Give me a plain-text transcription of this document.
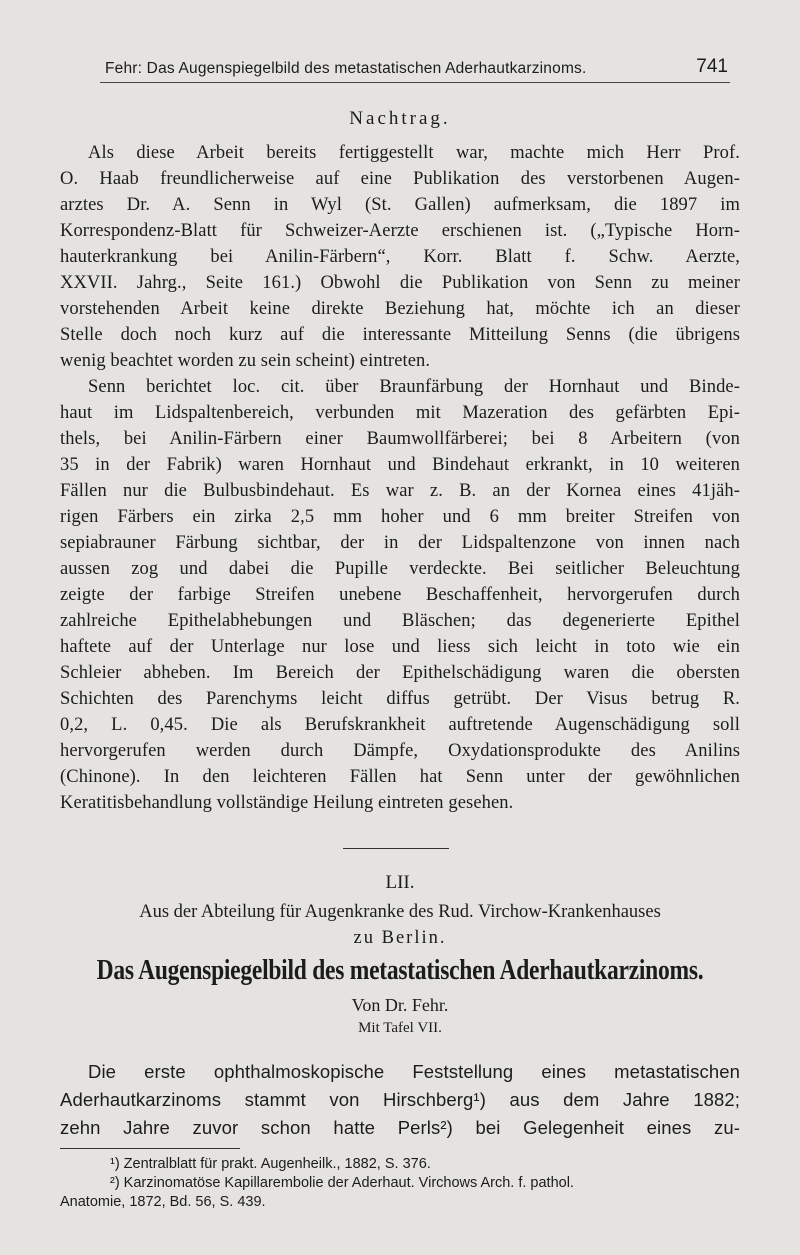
Fehr: Das Augenspiegelbild des metastatischen Aderhautkarzinoms.	741
Nachtrag.
Als diese Arbeit bereits fertiggestellt war, machte mich Herr Prof.
O. Haab freundlicherweise auf eine Publikation des verstorbenen Augen-
arztes Dr. A. Senn in Wyl (St. Gallen) aufmerksam, die 1897 im
Korrespondenz-Blatt für Schweizer-Aerzte erschienen ist. („Typische Horn-
hauterkrankung bei Anilin-Färbern“, Korr. Blatt f. Schw. Aerzte,
XXVII. Jahrg., Seite 161.) Obwohl die Publikation von Senn zu meiner
vorstehenden Arbeit keine direkte Beziehung hat, möchte ich an dieser
Stelle doch noch kurz auf die interessante Mitteilung Senns (die übrigens
wenig beachtet worden zu sein scheint) eintreten.
Senn berichtet loc. cit. über Braunfärbung der Hornhaut und Binde-
haut im Lidspaltenbereich, verbunden mit Mazeration des gefärbten Epi-
thels, bei Anilin-Färbern einer Baumwollfärberei; bei 8 Arbeitern (von
35 in der Fabrik) waren Hornhaut und Bindehaut erkrankt, in 10 weiteren
Fällen nur die Bulbusbindehaut. Es war z. B. an der Kornea eines 41jäh-
rigen Färbers ein zirka 2,5 mm hoher und 6 mm breiter Streifen von
sepiabrauner Färbung sichtbar, der in der Lidspaltenzone von innen nach
aussen zog und dabei die Pupille verdeckte. Bei seitlicher Beleuchtung
zeigte der farbige Streifen unebene Beschaffenheit, hervorgerufen durch
zahlreiche Epithelabhebungen und Bläschen; das degenerierte Epithel
haftete auf der Unterlage nur lose und liess sich leicht in toto wie ein
Schleier abheben. Im Bereich der Epithelschädigung waren die obersten
Schichten des Parenchyms leicht diffus getrübt. Der Visus betrug R.
0,2, L. 0,45. Die als Berufskrankheit auftretende Augenschädigung soll
hervorgerufen werden durch Dämpfe, Oxydationsprodukte des Anilins
(Chinone). In den leichteren Fällen hat Senn unter der gewöhnlichen
Keratitisbehandlung vollständige Heilung eintreten gesehen.
LII.
Aus der Abteilung für Augenkranke des Rud. Virchow-Krankenhauses
zu Berlin.
Das Augenspiegelbild des metastatischen Aderhautkarzinoms.
Von Dr. Fehr.
Mit Tafel VII.
Die erste ophthalmoskopische Feststellung eines metastatischen
Aderhautkarzinoms stammt von Hirschberg¹) aus dem Jahre 1882;
zehn Jahre zuvor schon hatte Perls²) bei Gelegenheit eines zu-
¹) Zentralblatt für prakt. Augenheilk., 1882, S. 376.
²) Karzinomatöse Kapillarembolie der Aderhaut. Virchows Arch. f. pathol.
Anatomie, 1872, Bd. 56, S. 439.
